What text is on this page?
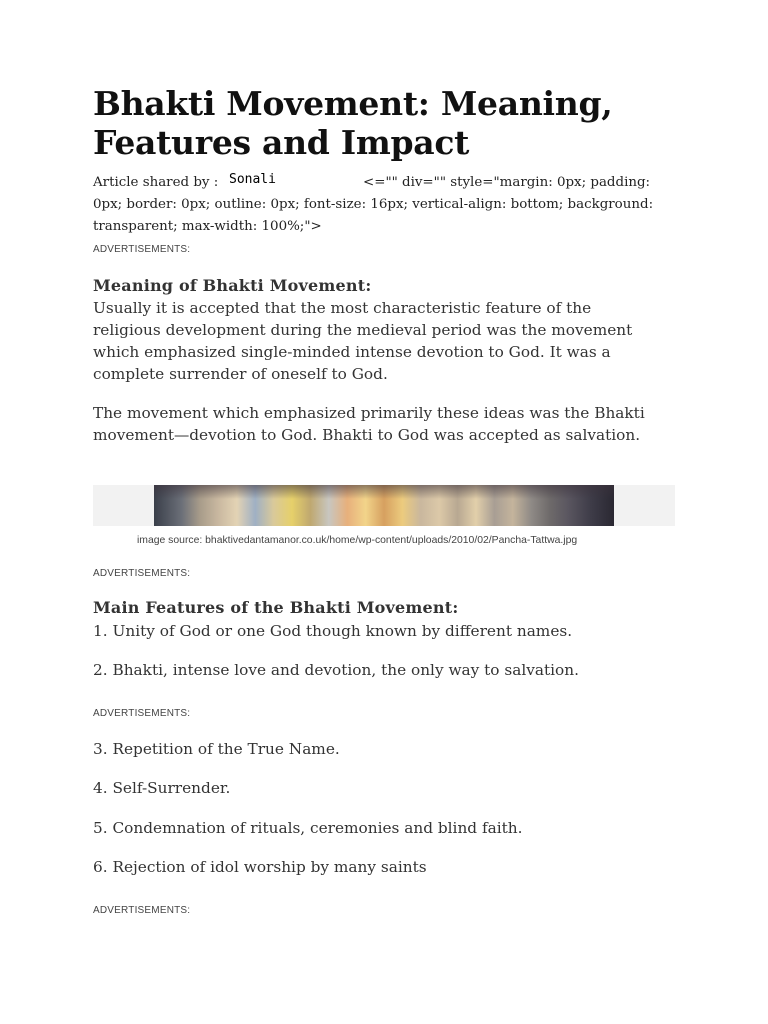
Bhakti Movement: Meaning, Features and Impact
Article shared by :	<="" div="" style="margin: 0px; padding:
0px; border: 0px; outline: 0px; font-size: 16px; vertical-align: bottom; background: transparent; max-width: 100%;">
Sonali
ADVERTISEMENTS:
Meaning of Bhakti Movement:

Usually it is accepted that the most characteristic feature of the religious development during the medieval period was the movement which emphasized single-minded intense devotion to God. It was a complete surrender of oneself to God.

The movement which emphasized primarily these ideas was the Bhakti movement—devotion to God. Bhakti to God was accepted as salvation.

image source: bhaktivedantamanor.co.uk/home/wp-content/uploads/2010/02/Pancha-Tattwa.jpg
ADVERTISEMENTS:
Main Features of the Bhakti Movement:

1. Unity of God or one God though known by different names.

2. Bhakti, intense love and devotion, the only way to salvation.

ADVERTISEMENTS:

3. Repetition of the True Name.

4. Self-Surrender.

5. Condemnation of rituals, ceremonies and blind faith.

6. Rejection of idol worship by many saints

ADVERTISEMENTS:
